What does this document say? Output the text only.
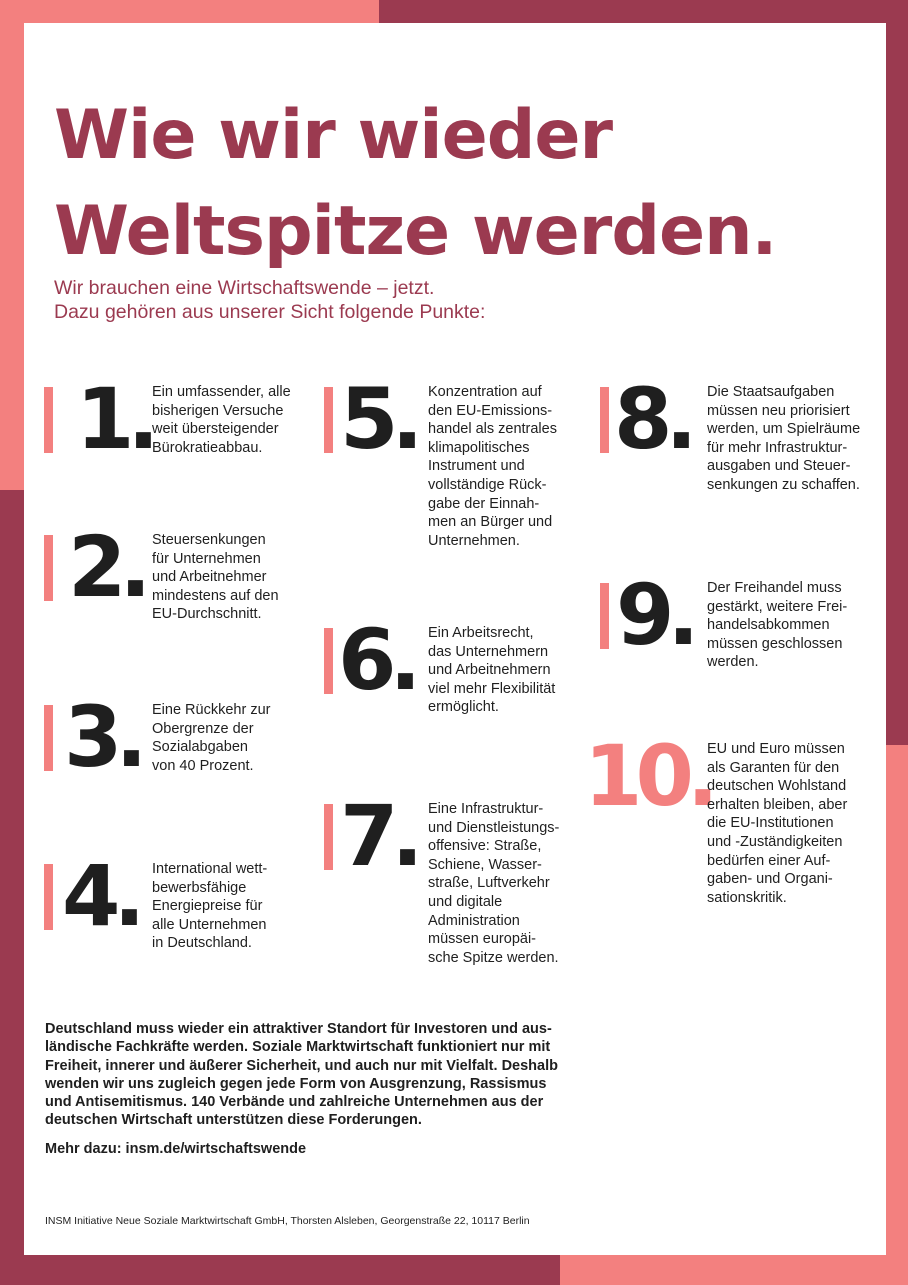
Wie wir wieder
Weltspitze werden.

Wir brauchen eine Wirtschaftswende – jetzt.
Dazu gehören aus unserer Sicht folgende Punkte:

1. Ein umfassender, alle
bisherigen Versuche
weit übersteigender
Bürokratieabbau.

2. Steuersenkungen
für Unternehmen
und Arbeitnehmer
mindestens auf den
EU-Durchschnitt.

3. Eine Rückkehr zur
Obergrenze der
Sozialabgaben
von 40 Prozent.

4. International wett-
bewerbsfähige
Energiepreise für
alle Unternehmen
in Deutschland.

5. Konzentration auf
den EU-Emissions-
handel als zentrales
klimapolitisches
Instrument und
vollständige Rück-
gabe der Einnah-
men an Bürger und
Unternehmen.

6. Ein Arbeitsrecht,
das Unternehmern
und Arbeitnehmern
viel mehr Flexibilität
ermöglicht.

7. Eine Infrastruktur-
und Dienstleistungs-
offensive: Straße,
Schiene, Wasser-
straße, Luftverkehr
und digitale
Administration
müssen europäi-
sche Spitze werden.

8. Die Staatsaufgaben
müssen neu priorisiert
werden, um Spielräume
für mehr Infrastruktur-
ausgaben und Steuer-
senkungen zu schaffen.

9. Der Freihandel muss
gestärkt, weitere Frei-
handelsabkommen
müssen geschlossen
werden.

10.

EU und Euro müssen
als Garanten für den
deutschen Wohlstand
erhalten bleiben, aber
die EU-Institutionen
und -Zuständigkeiten
bedürfen einer Auf-
gaben- und Organi-
sationskritik.

Deutschland muss wieder ein attraktiver Standort für Investoren und aus-
ländische Fachkräfte werden. Soziale Marktwirtschaft funktioniert nur mit
Freiheit, innerer und äußerer Sicherheit, und auch nur mit Vielfalt. Deshalb
wenden wir uns zugleich gegen jede Form von Ausgrenzung, Rassismus
und Antisemitismus. 140 Verbände und zahlreiche Unternehmen aus der
deutschen Wirtschaft unterstützen diese Forderungen.

Mehr dazu: insm.de/wirtschaftswende

INSM Initiative Neue Soziale Marktwirtschaft GmbH, Thorsten Alsleben, Georgenstraße 22, 10117 Berlin
